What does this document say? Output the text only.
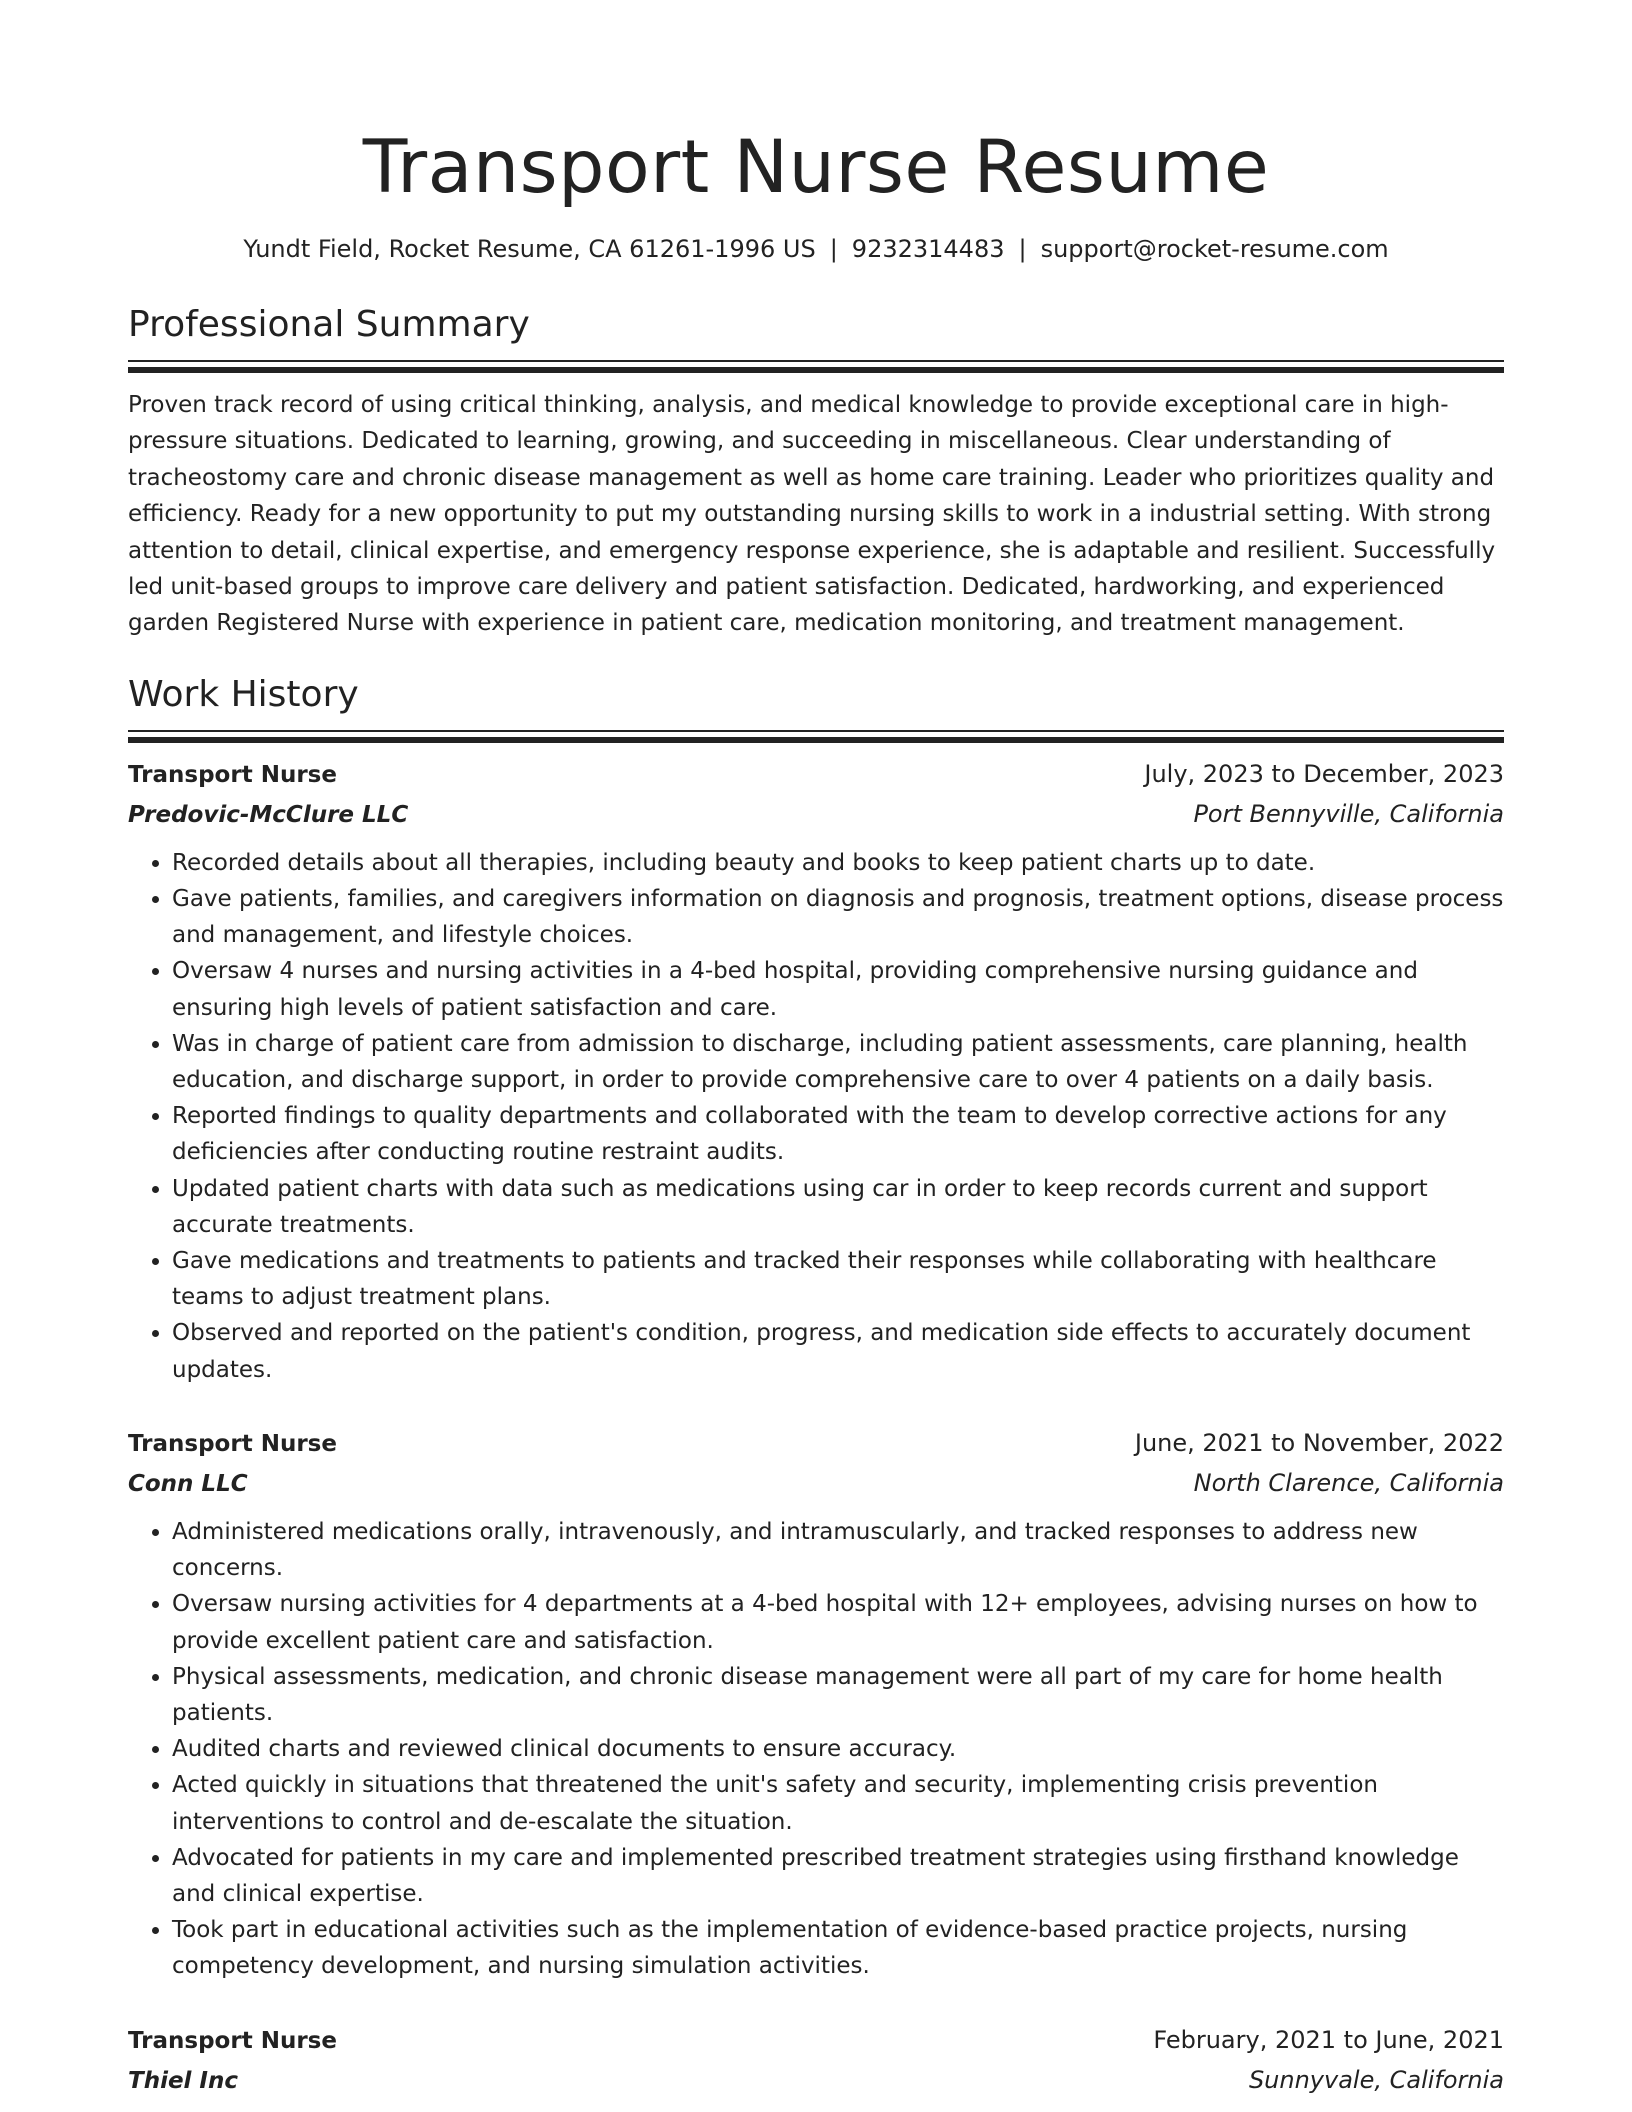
Transport Nurse Resume
Yundt Field, Rocket Resume, CA 61261-1996 US | 9232314483 | support@rocket-resume.com
Professional Summary

Proven track record of using critical thinking, analysis, and medical knowledge to provide exceptional care in high-pressure situations. Dedicated to learning, growing, and succeeding in miscellaneous. Clear understanding of tracheostomy care and chronic disease management as well as home care training. Leader who prioritizes quality and efficiency. Ready for a new opportunity to put my outstanding nursing skills to work in a industrial setting. With strong attention to detail, clinical expertise, and emergency response experience, she is adaptable and resilient. Successfully led unit-based groups to improve care delivery and patient satisfaction. Dedicated, hardworking, and experienced garden Registered Nurse with experience in patient care, medication monitoring, and treatment management.

Work History
Transport Nurse	July, 2023 to December, 2023
Predovic-McClure LLC	Port Bennyville, California
• Recorded details about all therapies, including beauty and books to keep patient charts up to date.
• Gave patients, families, and caregivers information on diagnosis and prognosis, treatment options, disease process and management, and lifestyle choices.
• Oversaw 4 nurses and nursing activities in a 4-bed hospital, providing comprehensive nursing guidance and ensuring high levels of patient satisfaction and care.
• Was in charge of patient care from admission to discharge, including patient assessments, care planning, health education, and discharge support, in order to provide comprehensive care to over 4 patients on a daily basis.
• Reported findings to quality departments and collaborated with the team to develop corrective actions for any deficiencies after conducting routine restraint audits.
• Updated patient charts with data such as medications using car in order to keep records current and support accurate treatments.
• Gave medications and treatments to patients and tracked their responses while collaborating with healthcare teams to adjust treatment plans.
• Observed and reported on the patient's condition, progress, and medication side effects to accurately document updates.
Transport Nurse	June, 2021 to November, 2022
Conn LLC	North Clarence, California
• Administered medications orally, intravenously, and intramuscularly, and tracked responses to address new concerns.
• Oversaw nursing activities for 4 departments at a 4-bed hospital with 12+ employees, advising nurses on how to provide excellent patient care and satisfaction.
• Physical assessments, medication, and chronic disease management were all part of my care for home health patients.
• Audited charts and reviewed clinical documents to ensure accuracy.
• Acted quickly in situations that threatened the unit's safety and security, implementing crisis prevention interventions to control and de-escalate the situation.
• Advocated for patients in my care and implemented prescribed treatment strategies using firsthand knowledge and clinical expertise.
• Took part in educational activities such as the implementation of evidence-based practice projects, nursing competency development, and nursing simulation activities.
Transport Nurse	February, 2021 to June, 2021
Thiel Inc	Sunnyvale, California
